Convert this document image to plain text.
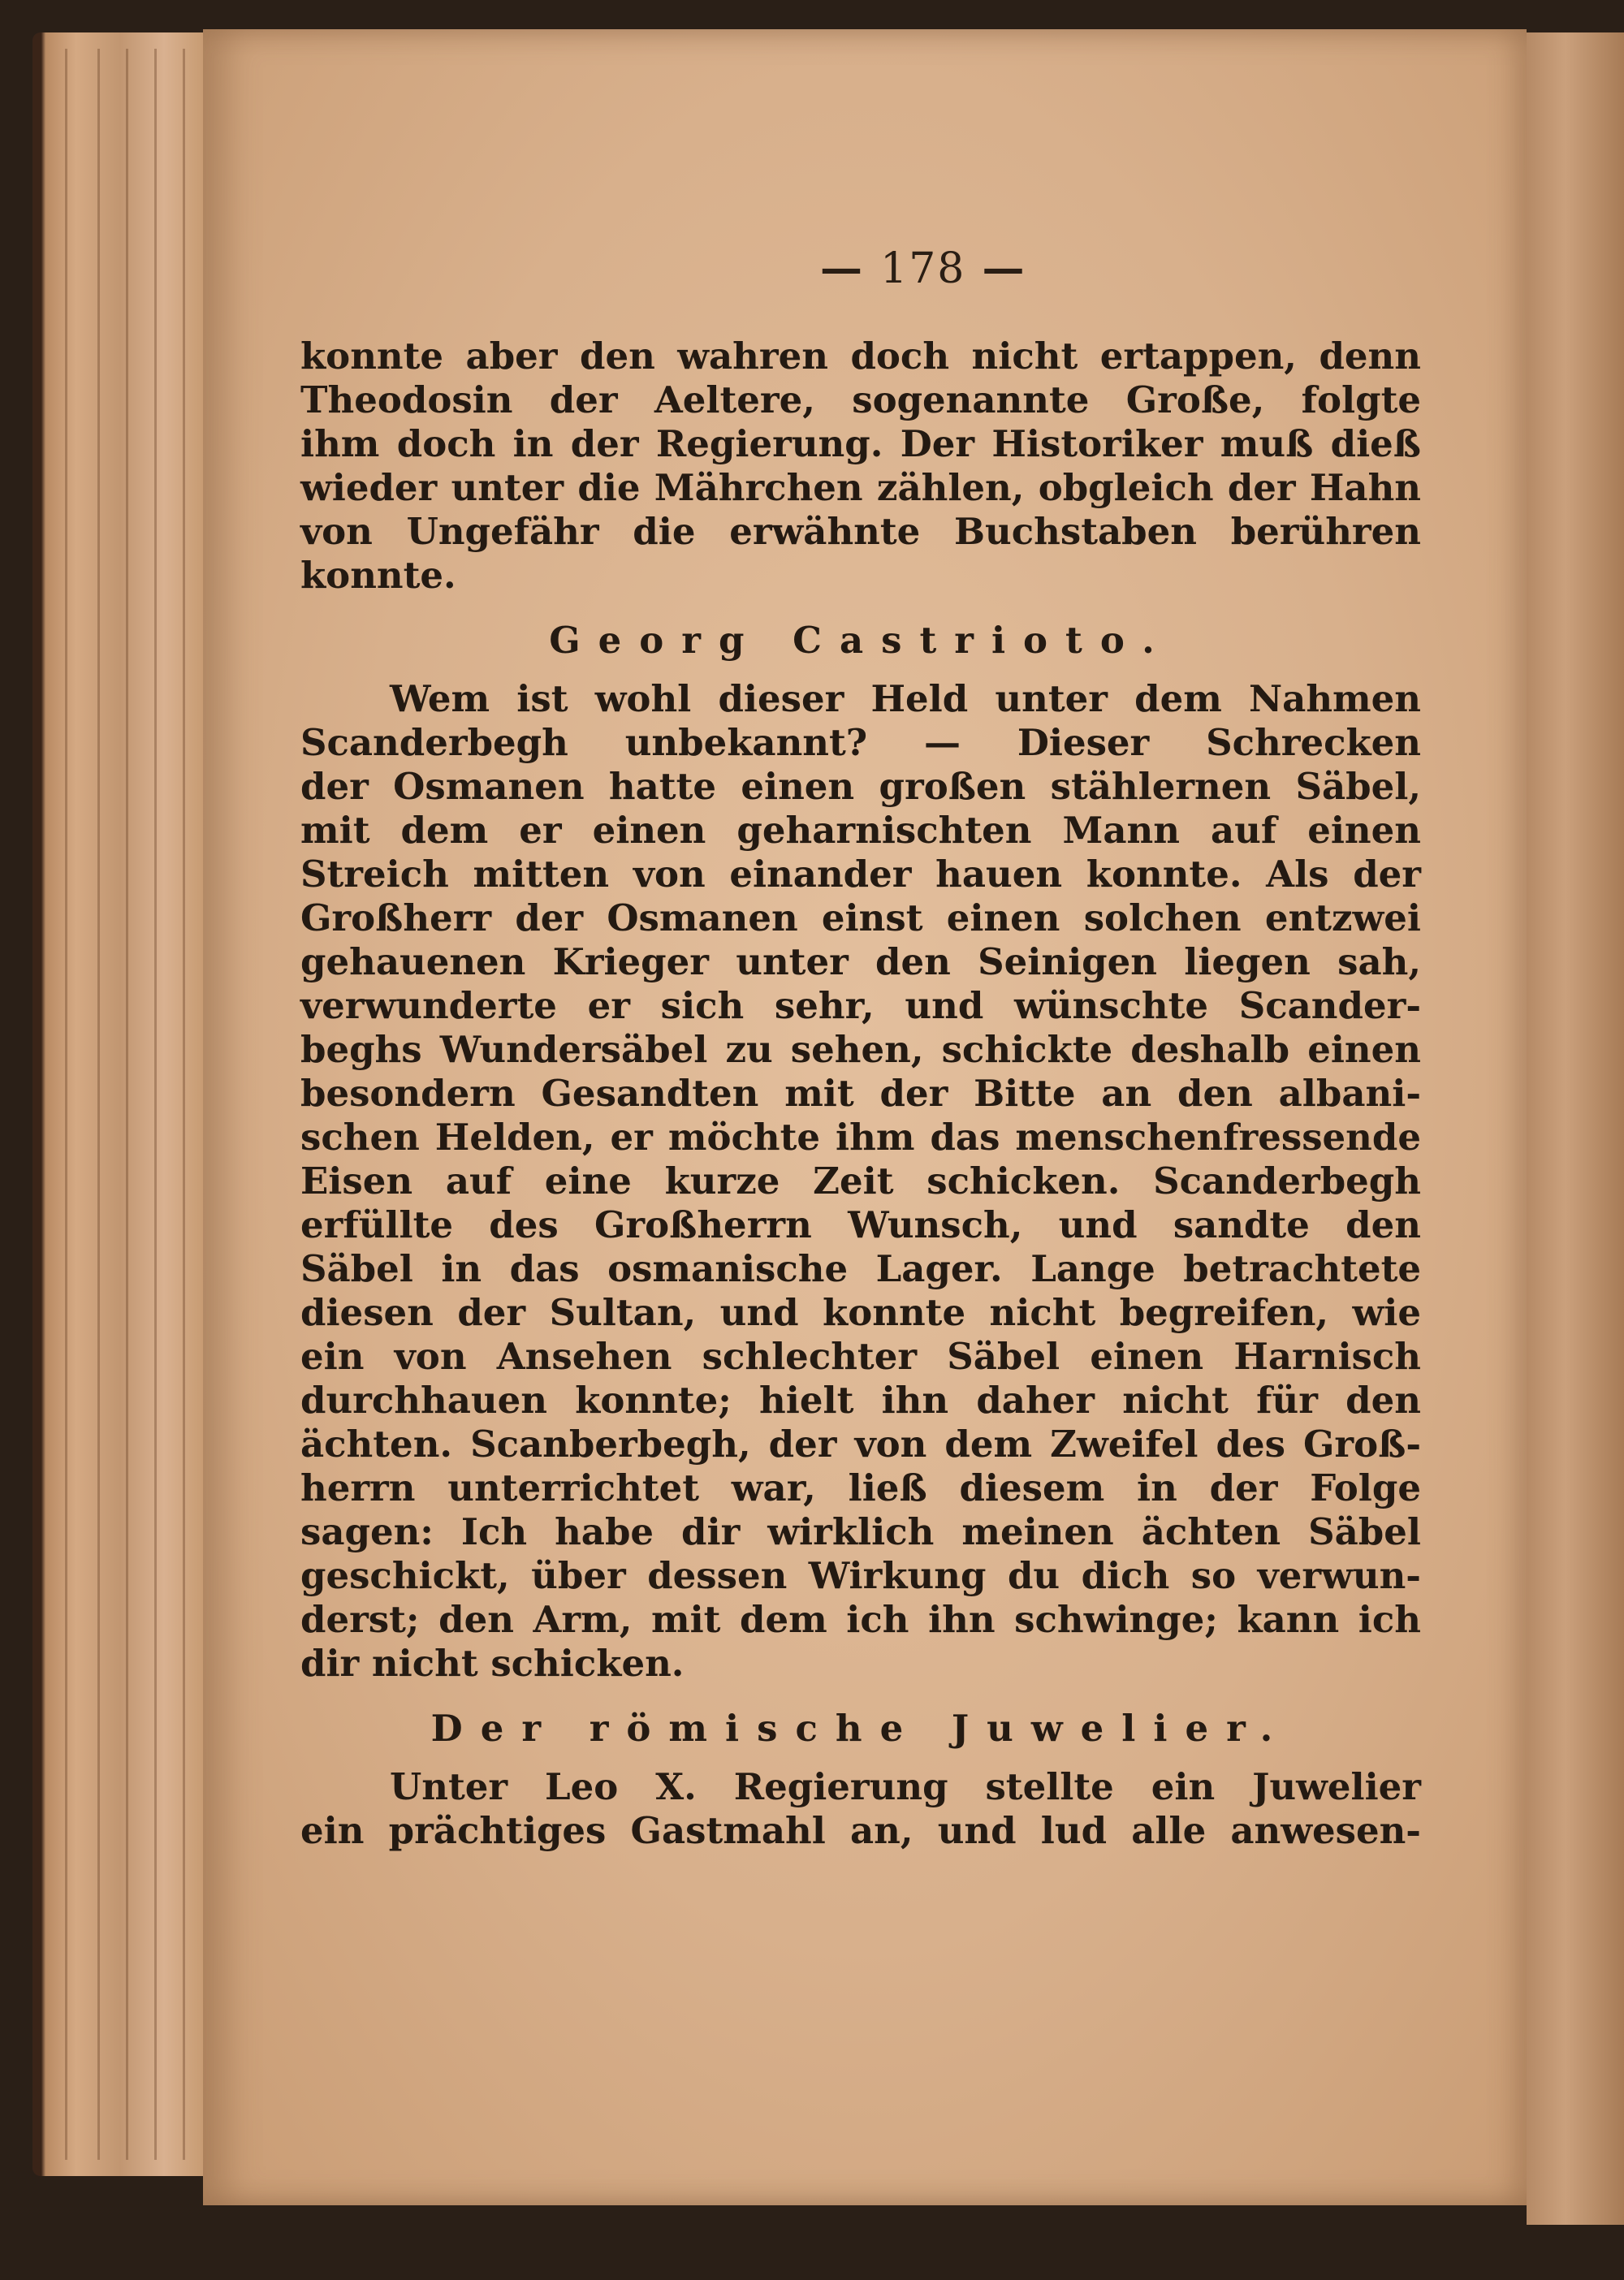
— 178 —
konnte aber den wahren doch nicht ertappen, denn
Theodosin der Aeltere, sogenannte Große, folgte
ihm doch in der Regierung. Der Historiker muß dieß
wieder unter die Mährchen zählen, obgleich der Hahn
von Ungefähr die erwähnte Buchstaben berühren
konnte.
Georg Castrioto.
Wem ist wohl dieser Held unter dem Nahmen
Scanderbegh unbekannt? — Dieser Schrecken
der Osmanen hatte einen großen stählernen Säbel,
mit dem er einen geharnischten Mann auf einen
Streich mitten von einander hauen konnte. Als der
Großherr der Osmanen einst einen solchen entzwei
gehauenen Krieger unter den Seinigen liegen sah,
verwunderte er sich sehr, und wünschte Scander-
beghs Wundersäbel zu sehen, schickte deshalb einen
besondern Gesandten mit der Bitte an den albani-
schen Helden, er möchte ihm das menschenfressende
Eisen auf eine kurze Zeit schicken. Scanderbegh
erfüllte des Großherrn Wunsch, und sandte den
Säbel in das osmanische Lager. Lange betrachtete
diesen der Sultan, und konnte nicht begreifen, wie
ein von Ansehen schlechter Säbel einen Harnisch
durchhauen konnte; hielt ihn daher nicht für den
ächten. Scanberbegh, der von dem Zweifel des Groß-
herrn unterrichtet war, ließ diesem in der Folge
sagen: Ich habe dir wirklich meinen ächten Säbel
geschickt, über dessen Wirkung du dich so verwun-
derst; den Arm, mit dem ich ihn schwinge; kann ich
dir nicht schicken.
Der römische Juwelier.
Unter Leo X. Regierung stellte ein Juwelier
ein prächtiges Gastmahl an, und lud alle anwesen-
